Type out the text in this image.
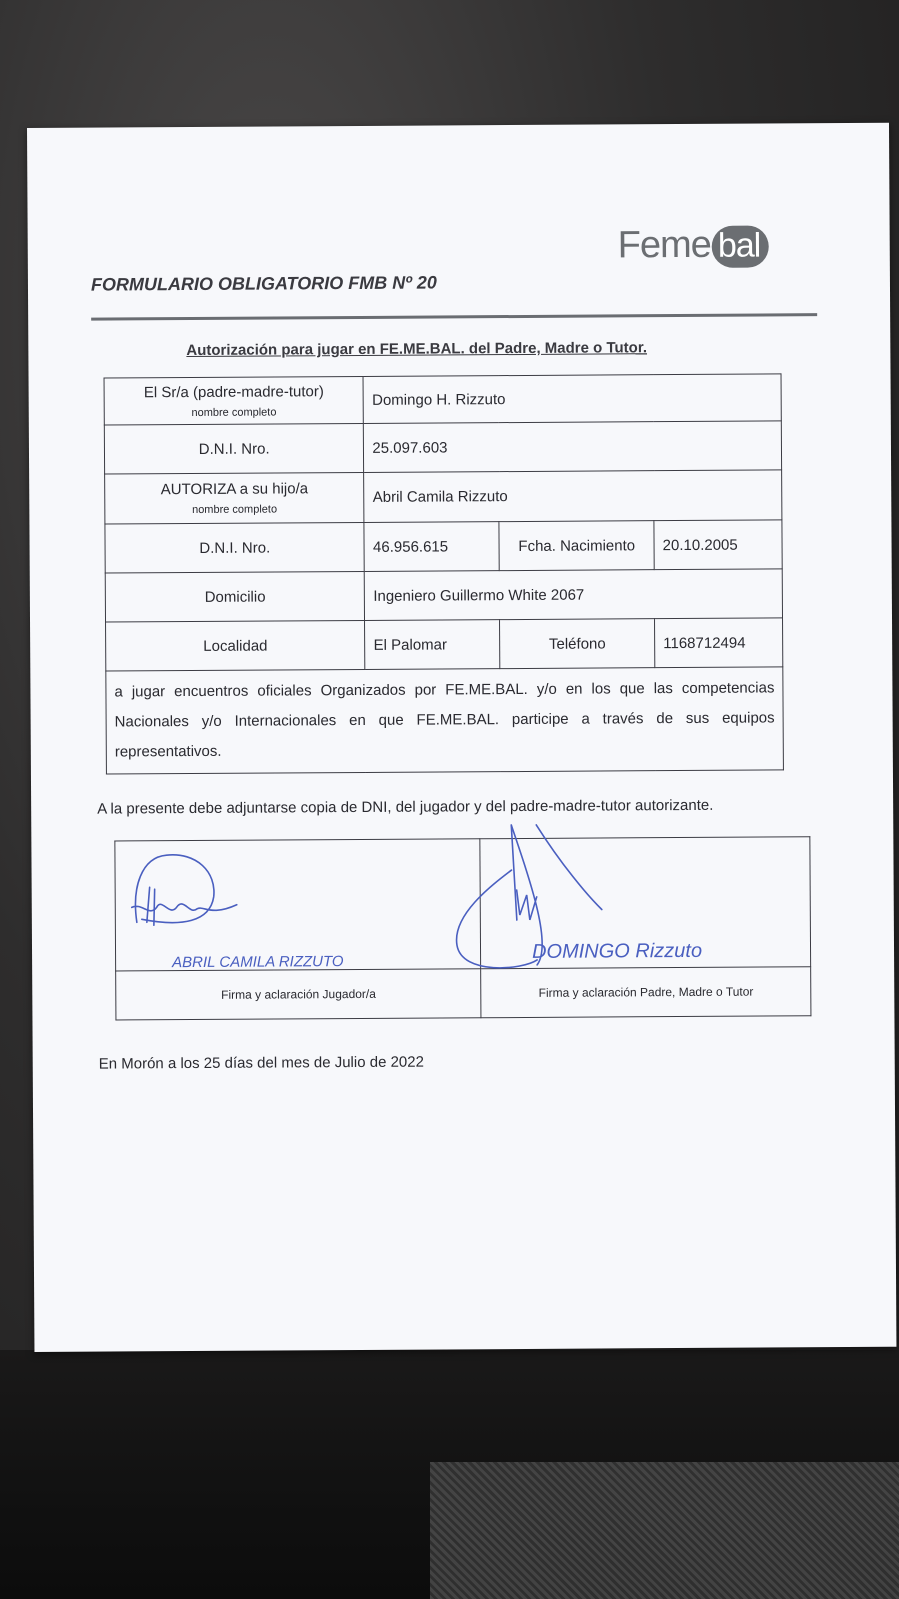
Feme bal
FORMULARIO OBLIGATORIO FMB Nº 20
Autorización para jugar en FE.ME.BAL. del Padre, Madre o Tutor.
El Sr/a (padre-madre-tutor)
nombre completo	Domingo H. Rizzuto		
D.N.I. Nro.	25.097.603		
AUTORIZA a su hijo/a
nombre completo	Abril Camila Rizzuto		
D.N.I. Nro.	46.956.615	Fcha. Nacimiento	20.10.2005
Domicilio	Ingeniero Guillermo White 2067		
Localidad	El Palomar	Teléfono	1168712494
a jugar encuentros oficiales Organizados por FE.ME.BAL. y/o en los que las competencias Nacionales y/o Internacionales en que FE.ME.BAL. participe a través de sus equipos representativos.			
A la presente debe adjuntarse copia de DNI, del jugador y del padre-madre-tutor autorizante.

Firma y aclaración Jugador/a	Firma y aclaración Padre, Madre o Tutor
ABRIL CAMILA RIZZUTO	DOMINGO Rizzuto
En Morón a los 25 días del mes de Julio de 2022
